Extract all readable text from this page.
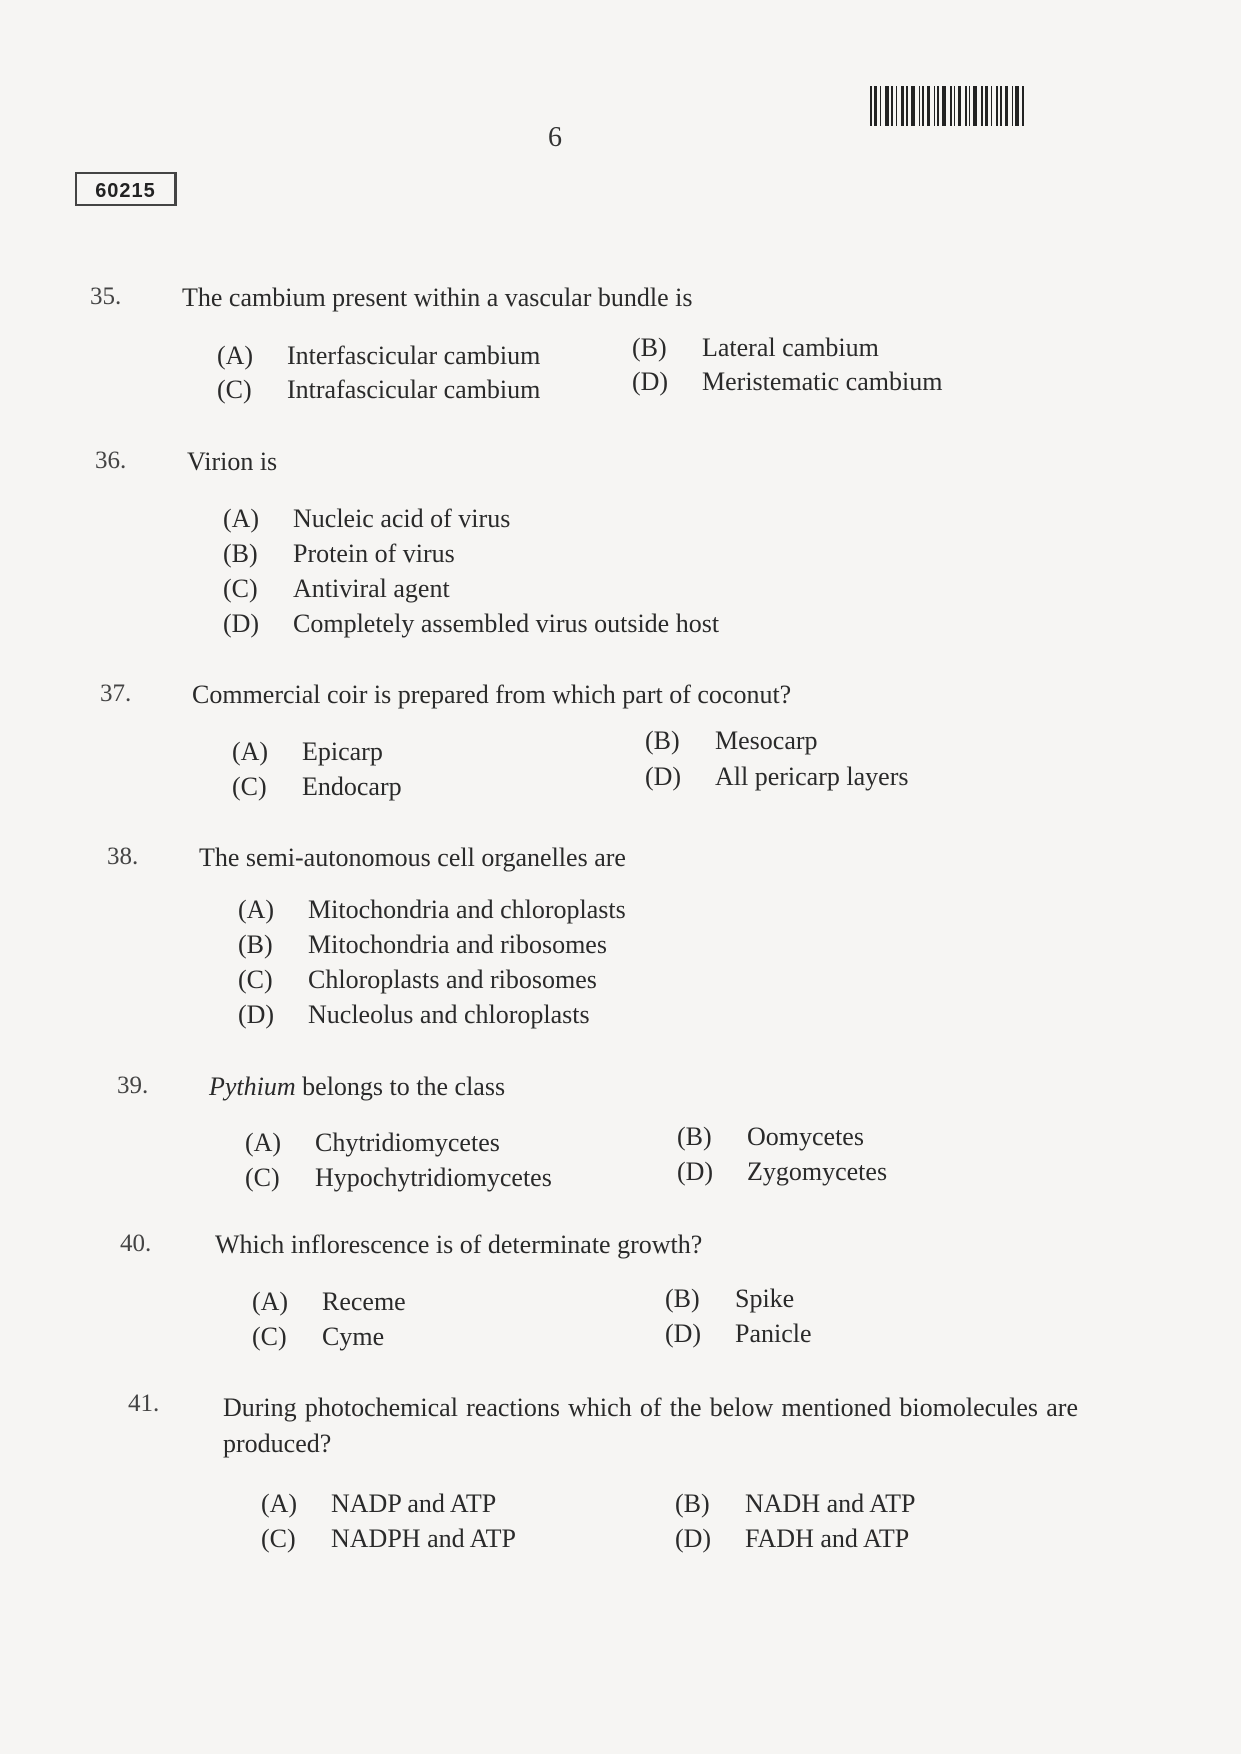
6
60215
35. The cambium present within a vascular bundle is
(A) Interfascicular cambium	(B) Lateral cambium
(C) Intrafascicular cambium	(D) Meristematic cambium
36. Virion is
(A) Nucleic acid of virus
(B) Protein of virus
(C) Antiviral agent
(D) Completely assembled virus outside host
37. Commercial coir is prepared from which part of coconut?
(A) Epicarp	(B) Mesocarp
(C) Endocarp	(D) All pericarp layers
38. The semi-autonomous cell organelles are
(A) Mitochondria and chloroplasts
(B) Mitochondria and ribosomes
(C) Chloroplasts and ribosomes
(D) Nucleolus and chloroplasts
39. Pythium belongs to the class
(A) Chytridiomycetes	(B) Oomycetes
(C) Hypochytridiomycetes	(D) Zygomycetes
40. Which inflorescence is of determinate growth?
(A) Receme	(B) Spike
(C) Cyme	(D) Panicle
41. During photochemical reactions which of the below mentioned biomolecules are produced?
(A) NADP and ATP	(B) NADH and ATP
(C) NADPH and ATP	(D) FADH and ATP
